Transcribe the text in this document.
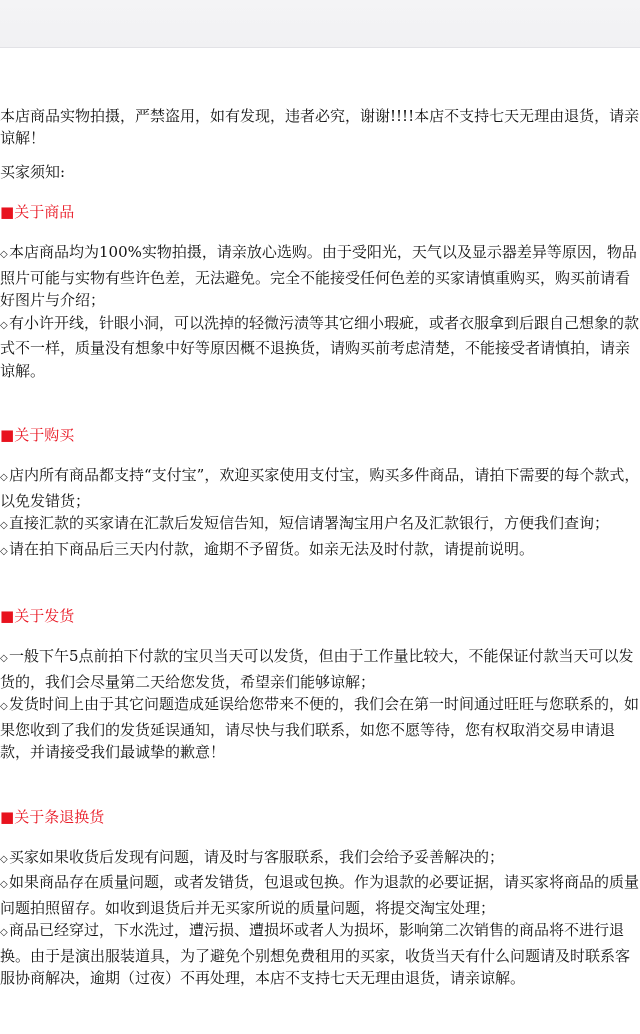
本店商品实物拍摄，严禁盗用，如有发现，违者必究，谢谢!!!!本店不支持七天无理由退货，请亲谅解！

买家须知:

■关于商品

◇本店商品均为100%实物拍摄，请亲放心选购。由于受阳光，天气以及显示器差异等原因，物品照片可能与实物有些许色差，无法避免。完全不能接受任何色差的买家请慎重购买，购买前请看好图片与介绍；

◇有小许开线，针眼小洞，可以洗掉的轻微污渍等其它细小瑕疵，或者衣服拿到后跟自己想象的款式不一样，质量没有想象中好等原因概不退换货，请购买前考虑清楚，不能接受者请慎拍，请亲谅解。

■关于购买

◇店内所有商品都支持“支付宝”，欢迎买家使用支付宝，购买多件商品，请拍下需要的每个款式，以免发错货；

◇直接汇款的买家请在汇款后发短信告知，短信请署淘宝用户名及汇款银行，方便我们查询；

◇请在拍下商品后三天内付款，逾期不予留货。如亲无法及时付款，请提前说明。

■关于发货

◇一般下午5点前拍下付款的宝贝当天可以发货，但由于工作量比较大，不能保证付款当天可以发货的，我们会尽量第二天给您发货，希望亲们能够谅解；

◇发货时间上由于其它问题造成延误给您带来不便的，我们会在第一时间通过旺旺与您联系的，如果您收到了我们的发货延误通知，请尽快与我们联系，如您不愿等待，您有权取消交易申请退款，并请接受我们最诚挚的歉意！

■关于条退换货

◇买家如果收货后发现有问题，请及时与客服联系，我们会给予妥善解决的；

◇如果商品存在质量问题，或者发错货，包退或包换。作为退款的必要证据，请买家将商品的质量问题拍照留存。如收到退货后并无买家所说的质量问题，将提交淘宝处理；

◇商品已经穿过，下水洗过，遭污损、遭损坏或者人为损坏，影响第二次销售的商品将不进行退换。由于是演出服装道具，为了避免个别想免费租用的买家，收货当天有什么问题请及时联系客服协商解决，逾期（过夜）不再处理，本店不支持七天无理由退货，请亲谅解。
